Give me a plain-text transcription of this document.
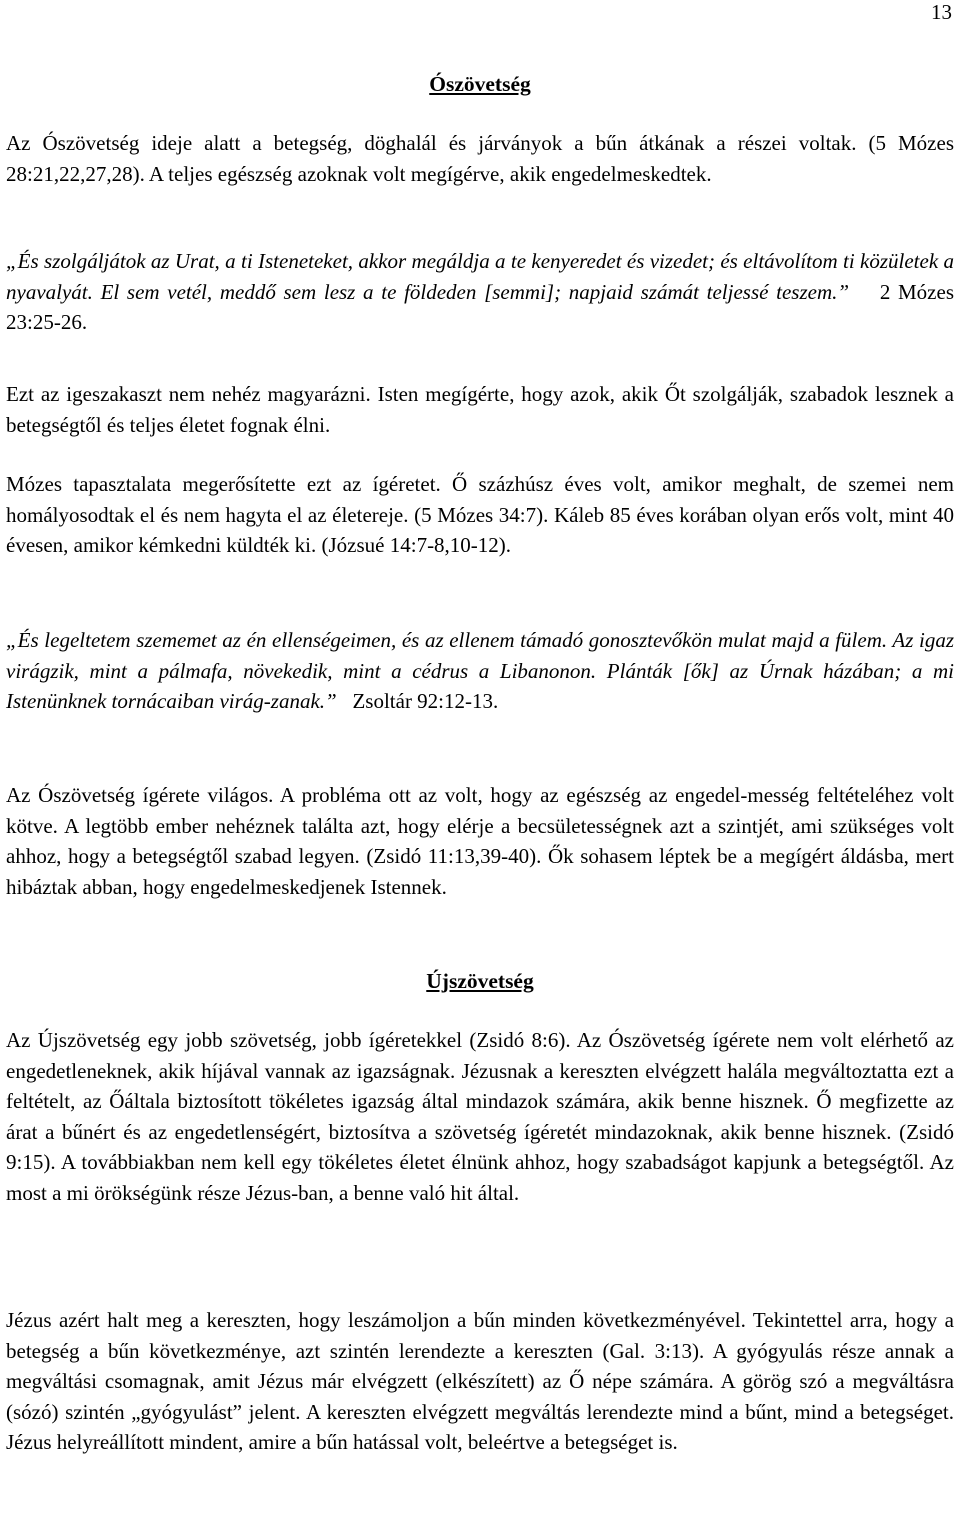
13
Ószövetség

Az Ószövetség ideje alatt a betegség, döghalál és járványok a bűn átkának a részei voltak. (5 Mózes 28:21,22,27,28). A teljes egészség azoknak volt megígérve, akik engedelmeskedtek.

„És szolgáljátok az Urat, a ti Isteneteket, akkor megáldja a te kenyeredet és vizedet; és eltávolítom ti közületek a nyavalyát. El sem vetél, meddő sem lesz a te földeden [semmi]; napjaid számát teljessé teszem.” 2 Mózes 23:25-26.

Ezt az igeszakaszt nem nehéz magyarázni. Isten megígérte, hogy azok, akik Őt szolgálják, szabadok lesznek a betegségtől és teljes életet fognak élni.

Mózes tapasztalata megerősítette ezt az ígéretet. Ő százhúsz éves volt, amikor meghalt, de szemei nem homályosodtak el és nem hagyta el az életereje. (5 Mózes 34:7). Káleb 85 éves korában olyan erős volt, mint 40 évesen, amikor kémkedni küldték ki. (Józsué 14:7-8,10-12).

„És legeltetem szememet az én ellenségeimen, és az ellenem támadó gonosztevőkön mulat majd a fülem. Az igaz virágzik, mint a pálmafa, növekedik, mint a cédrus a Libanonon. Plánták [ők] az Úrnak házában; a mi Istenünknek tornácaiban virág-zanak.” Zsoltár 92:12-13.

Az Ószövetség ígérete világos. A probléma ott az volt, hogy az egészség az engedel-messég feltételéhez volt kötve. A legtöbb ember nehéznek találta azt, hogy elérje a becsületességnek azt a szintjét, ami szükséges volt ahhoz, hogy a betegségtől szabad legyen. (Zsidó 11:13,39-40). Ők sohasem léptek be a megígért áldásba, mert hibáztak abban, hogy engedelmeskedjenek Istennek.

Újszövetség

Az Újszövetség egy jobb szövetség, jobb ígéretekkel (Zsidó 8:6). Az Ószövetség ígérete nem volt elérhető az engedetleneknek, akik híjával vannak az igazságnak. Jézusnak a kereszten elvégzett halála megváltoztatta ezt a feltételt, az Őáltala biztosított tökéletes igazság által mindazok számára, akik benne hisznek. Ő megfizette az árat a bűnért és az engedetlenségért, biztosítva a szövetség ígéretét mindazoknak, akik benne hisznek. (Zsidó 9:15). A továbbiakban nem kell egy tökéletes életet élnünk ahhoz, hogy szabadságot kapjunk a betegségtől. Az most a mi örökségünk része Jézus-ban, a benne való hit által.

Jézus azért halt meg a kereszten, hogy leszámoljon a bűn minden következményével. Tekintettel arra, hogy a betegség a bűn következménye, azt szintén lerendezte a kereszten (Gal. 3:13). A gyógyulás része annak a megváltási csomagnak, amit Jézus már elvégzett (elkészített) az Ő népe számára. A görög szó a megváltásra (sózó) szintén „gyógyulást” jelent. A kereszten elvégzett megváltás lerendezte mind a bűnt, mind a betegséget. Jézus helyreállított mindent, amire a bűn hatással volt, beleértve a betegséget is.
